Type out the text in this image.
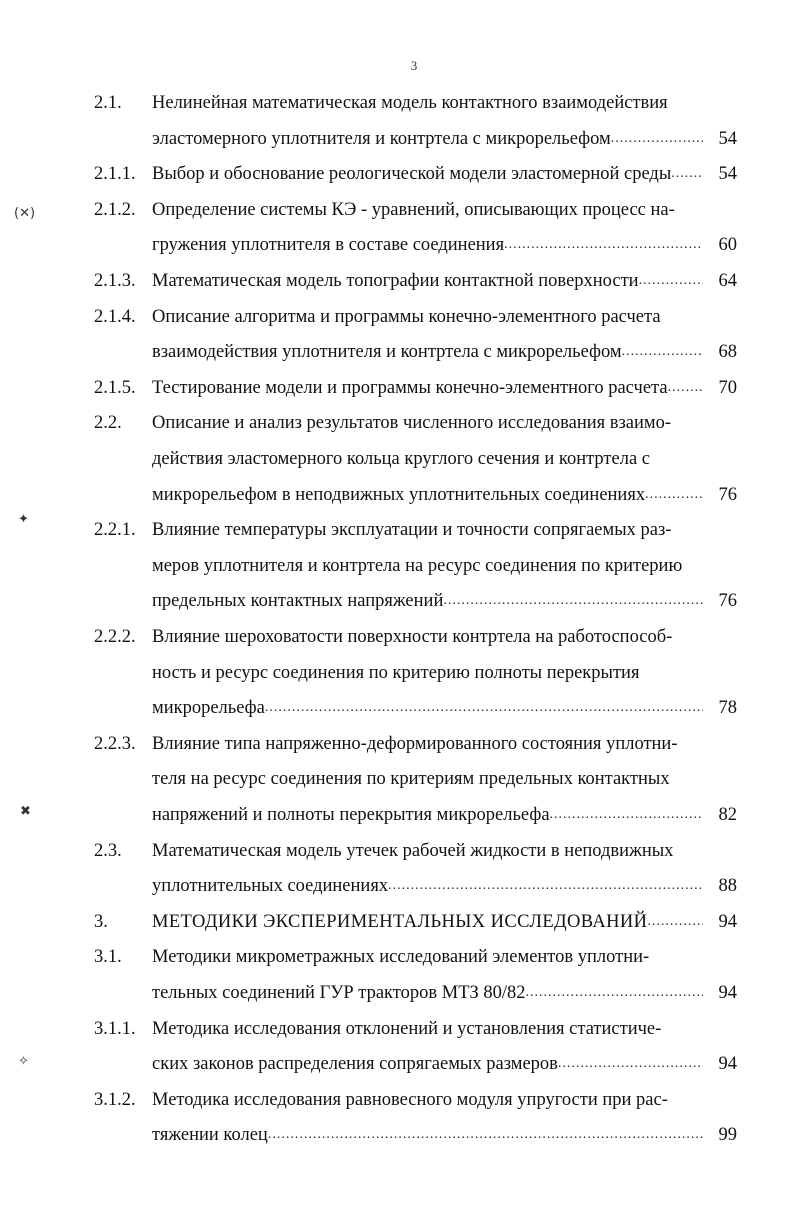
3
2.1. Нелинейная математическая модель контактного взаимодействия
эластомерного уплотнителя и контртела с микрорельефом .....	54
2.1.1. Выбор и обоснование реологической модели эластомерной среды .....	54
2.1.2. Определение системы КЭ - уравнений, описывающих процесс на-
гружения уплотнителя в составе соединения .....	60
2.1.3. Математическая модель топографии контактной поверхности .....	64
2.1.4. Описание алгоритма и программы конечно-элементного расчета
взаимодействия уплотнителя и контртела с микрорельефом .....	68
2.1.5. Тестирование модели и программы конечно-элементного расчета .....	70
2.2. Описание и анализ результатов численного исследования взаимо-
действия эластомерного кольца круглого сечения и контртела с
микрорельефом в неподвижных уплотнительных соединениях .....	76
2.2.1. Влияние температуры эксплуатации и точности сопрягаемых раз-
меров уплотнителя и контртела на ресурс соединения по критерию
предельных контактных напряжений .....	76
2.2.2. Влияние шероховатости поверхности контртела на работоспособ-
ность и ресурс соединения по критерию полноты перекрытия
микрорельефа .....	78
2.2.3. Влияние типа напряженно-деформированного состояния уплотни-
теля на ресурс соединения по критериям предельных контактных
напряжений и полноты перекрытия микрорельефа .....	82
2.3. Математическая модель утечек рабочей жидкости в неподвижных
уплотнительных соединениях .....	88
3. МЕТОДИКИ ЭКСПЕРИМЕНТАЛЬНЫХ ИССЛЕДОВАНИЙ .....	94
3.1. Методики микрометражных исследований элементов уплотни-
тельных соединений ГУР тракторов МТЗ 80/82 .....	94
3.1.1. Методика исследования отклонений и установления статистиче-
ских законов распределения сопрягаемых размеров .....	94
3.1.2. Методика исследования равновесного модуля упругости при рас-
тяжении колец .....	99
(✕)
✦
✖
✧
